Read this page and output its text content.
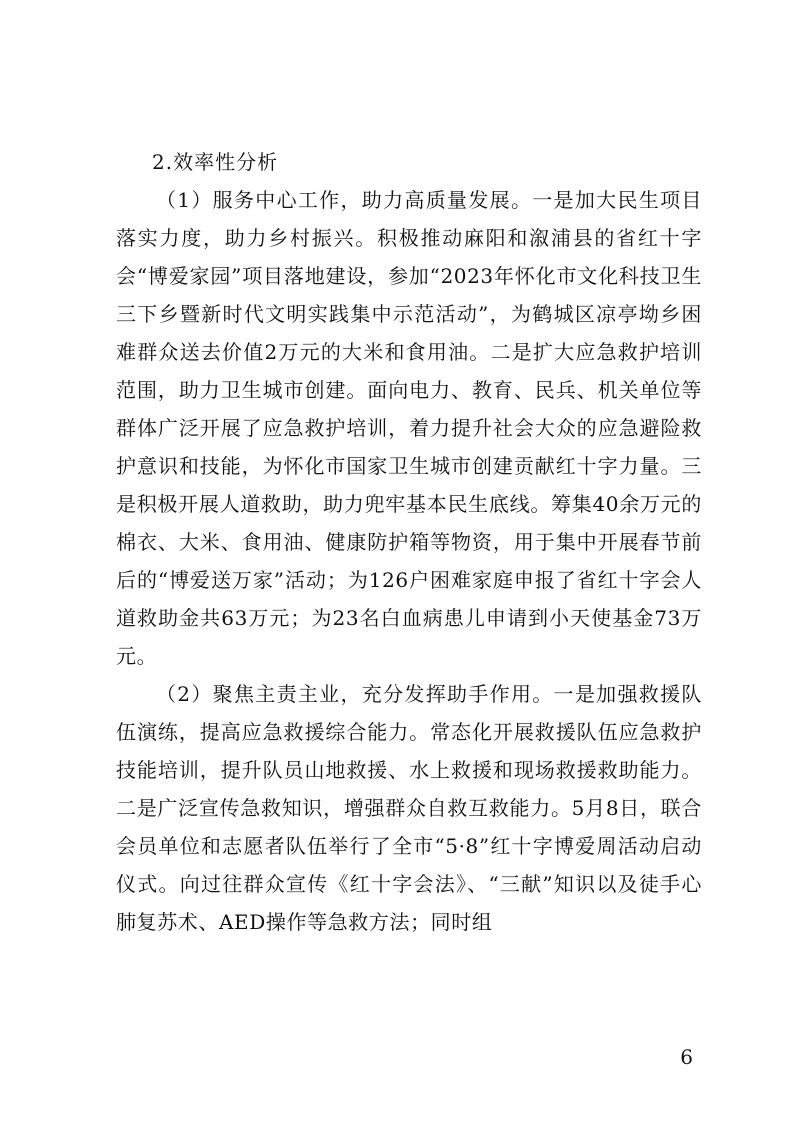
2.效率性分析

（1）服务中心工作，助力高质量发展。一是加大民生项目落实力度，助力乡村振兴。积极推动麻阳和溆浦县的省红十字会“博爱家园”项目落地建设，参加“2023年怀化市文化科技卫生三下乡暨新时代文明实践集中示范活动”，为鹤城区凉亭坳乡困难群众送去价值2万元的大米和食用油。二是扩大应急救护培训范围，助力卫生城市创建。面向电力、教育、民兵、机关单位等群体广泛开展了应急救护培训，着力提升社会大众的应急避险救护意识和技能，为怀化市国家卫生城市创建贡献红十字力量。三是积极开展人道救助，助力兜牢基本民生底线。筹集40余万元的棉衣、大米、食用油、健康防护箱等物资，用于集中开展春节前后的“博爱送万家”活动；为126户困难家庭申报了省红十字会人道救助金共63万元；为23名白血病患儿申请到小天使基金73万元。

（2）聚焦主责主业，充分发挥助手作用。一是加强救援队伍演练，提高应急救援综合能力。常态化开展救援队伍应急救护技能培训，提升队员山地救援、水上救援和现场救援救助能力。二是广泛宣传急救知识，增强群众自救互救能力。5月8日，联合会员单位和志愿者队伍举行了全市“5·8”红十字博爱周活动启动仪式。向过往群众宣传《红十字会法》、“三献”知识以及徒手心肺复苏术、AED操作等急救方法；同时组

6
